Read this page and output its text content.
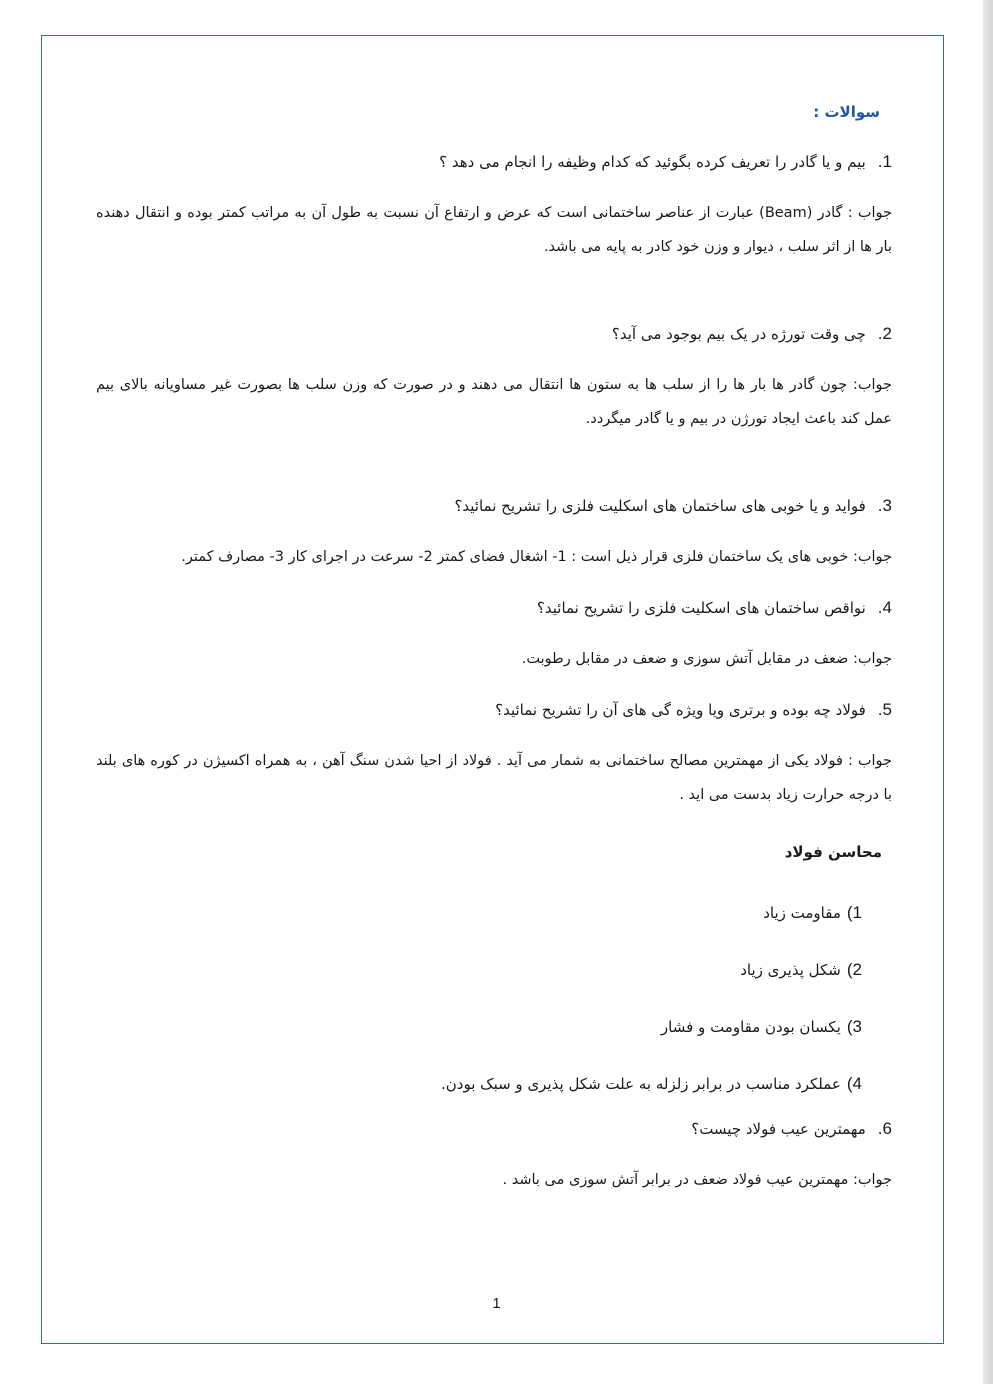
سوالات :

1.
بیم و یا گادر را تعریف کرده بگوئید که کدام وظیفه را انجام می دهد ؟

جواب : گادر (Beam) عبارت از عناصر ساختمانی است که عرض و ارتفاع آن نسبت به طول آن به مراتب کمتر بوده و انتقال دهنده بار ها از اثر سلب ، دیوار و وزن خود کادر به پایه می باشد.

2.
چی وقت تورژه در یک بیم بوجود می آید؟

جواب: چون گادر ها بار ها را از سلب ها به ستون ها انتقال می دهند و در صورت که وزن سلب ها بصورت غیر مساویانه بالای بیم عمل کند باعث ایجاد تورژن در بیم و یا گادر میگردد.

3.
فواید و یا خوبی های ساختمان های اسکلیت فلزی را تشریح نمائید؟

جواب: خوبی های یک ساختمان فلزی قرار ذیل است : 1- اشغال فضای کمتر 2- سرعت در اجرای کار 3- مصارف کمتر.

4.
نواقص ساختمان های اسکلیت فلزی را تشریح نمائید؟

جواب: ضعف در مقابل آتش سوزی و ضعف در مقابل رطوبت.

5.
فولاد چه بوده و برتری ویا ویژه گی های آن را تشریح نمائید؟

جواب : فولاد یکی از مهمترین مصالح ساختمانی به شمار می آید . فولاد از احیا شدن سنگ آهن ، به همراه اکسیژن در کوره های بلند با درجه حرارت زیاد بدست می اید .

محاسن فولاد

1)
مقاومت زیاد

2)
شکل پذیری زیاد

3)
یکسان بودن مقاومت و فشار

4)
عملکرد مناسب در برابر زلزله به علت شکل پذیری و سبک بودن.

6.
مهمترین عیب فولاد چیست؟

جواب: مهمترین عیب فولاد ضعف در برابر آتش سوزی می باشد .

1
